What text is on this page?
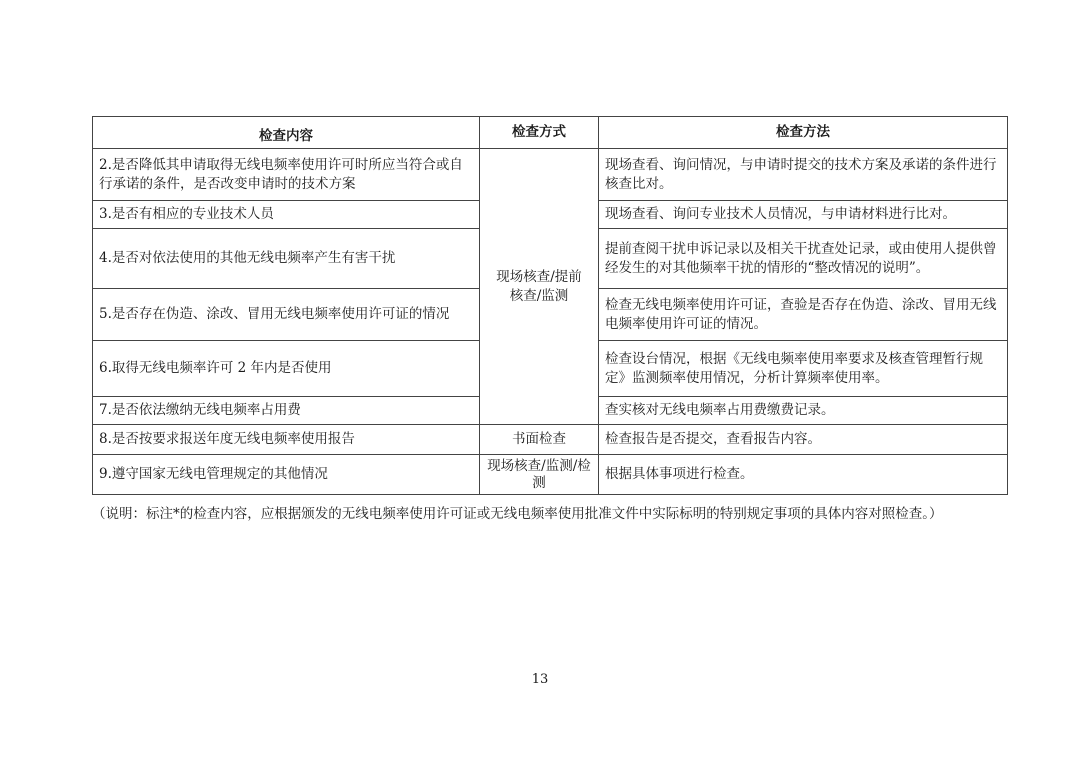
检查内容	检查方式	检查方法
2.是否降低其申请取得无线电频率使用许可时所应当符合或自行承诺的条件，是否改变申请时的技术方案	现场核查/提前核查/监测	现场查看、询问情况，与申请时提交的技术方案及承诺的条件进行核查比对。
3.是否有相应的专业技术人员		现场查看、询问专业技术人员情况，与申请材料进行比对。
4.是否对依法使用的其他无线电频率产生有害干扰		提前查阅干扰申诉记录以及相关干扰查处记录，或由使用人提供曾经发生的对其他频率干扰的情形的“整改情况的说明”。
5.是否存在伪造、涂改、冒用无线电频率使用许可证的情况		检查无线电频率使用许可证，查验是否存在伪造、涂改、冒用无线电频率使用许可证的情况。
6.取得无线电频率许可 2 年内是否使用		检查设台情况，根据《无线电频率使用率要求及核查管理暂行规定》监测频率使用情况，分析计算频率使用率。
7.是否依法缴纳无线电频率占用费		查实核对无线电频率占用费缴费记录。
8.是否按要求报送年度无线电频率使用报告	书面检查	检查报告是否提交，查看报告内容。
9.遵守国家无线电管理规定的其他情况	现场核查/监测/检测	根据具体事项进行检查。
（说明：标注*的检查内容，应根据颁发的无线电频率使用许可证或无线电频率使用批准文件中实际标明的特别规定事项的具体内容对照检查。）
13
